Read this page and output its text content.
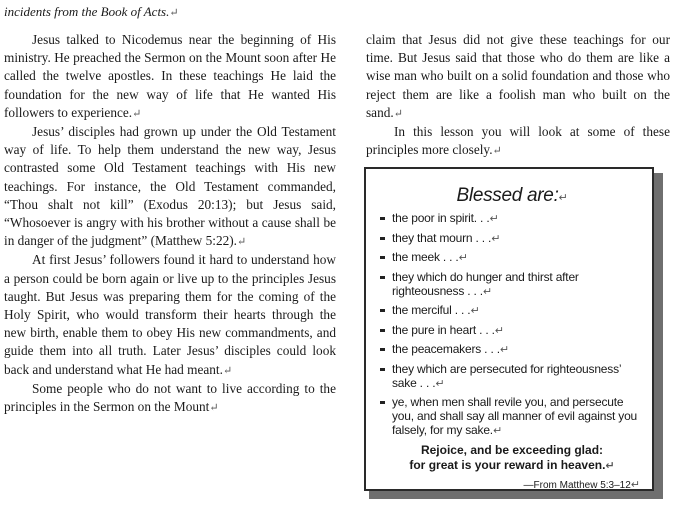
incidents from the Book of Acts.↵

Jesus talked to Nicodemus near the beginning of His ministry. He preached the Sermon on the Mount soon after He called the twelve apostles. In these teachings He laid the foundation for the new way of life that He wanted His followers to experience.↵

Jesus’ disciples had grown up under the Old Testament way of life. To help them understand the new way, Jesus contrasted some Old Testament teachings with His new teachings. For instance, the Old Testament commanded, “Thou shalt not kill” (Exodus 20:13); but Jesus said, “Whosoever is angry with his brother without a cause shall be in danger of the judgment” (Matthew 5:22).↵

At first Jesus’ followers found it hard to understand how a person could be born again or live up to the principles Jesus taught. But Jesus was preparing them for the coming of the Holy Spirit, who would transform their hearts through the new birth, enable them to obey His new commandments, and guide them into all truth. Later Jesus’ disciples could look back and understand what He had meant.↵

Some people who do not want to live according to the principles in the Sermon on the Mount↵

claim that Jesus did not give these teachings for our time. But Jesus said that those who do them are like a wise man who built on a solid foundation and those who reject them are like a foolish man who built on the sand.↵

In this lesson you will look at some of these principles more closely.↵

Blessed are:↵
the poor in spirit. . .↵
they that mourn . . .↵
the meek . . .↵
they which do hunger and thirst after righteousness . . .↵
the merciful . . .↵
the pure in heart . . .↵
the peacemakers . . .↵
they which are persecuted for righteousness’ sake . . .↵
ye, when men shall revile you, and persecute you, and shall say all manner of evil against you falsely, for my sake.↵
Rejoice, and be exceeding glad:
for great is your reward in heaven.↵
—From Matthew 5:3–12↵
